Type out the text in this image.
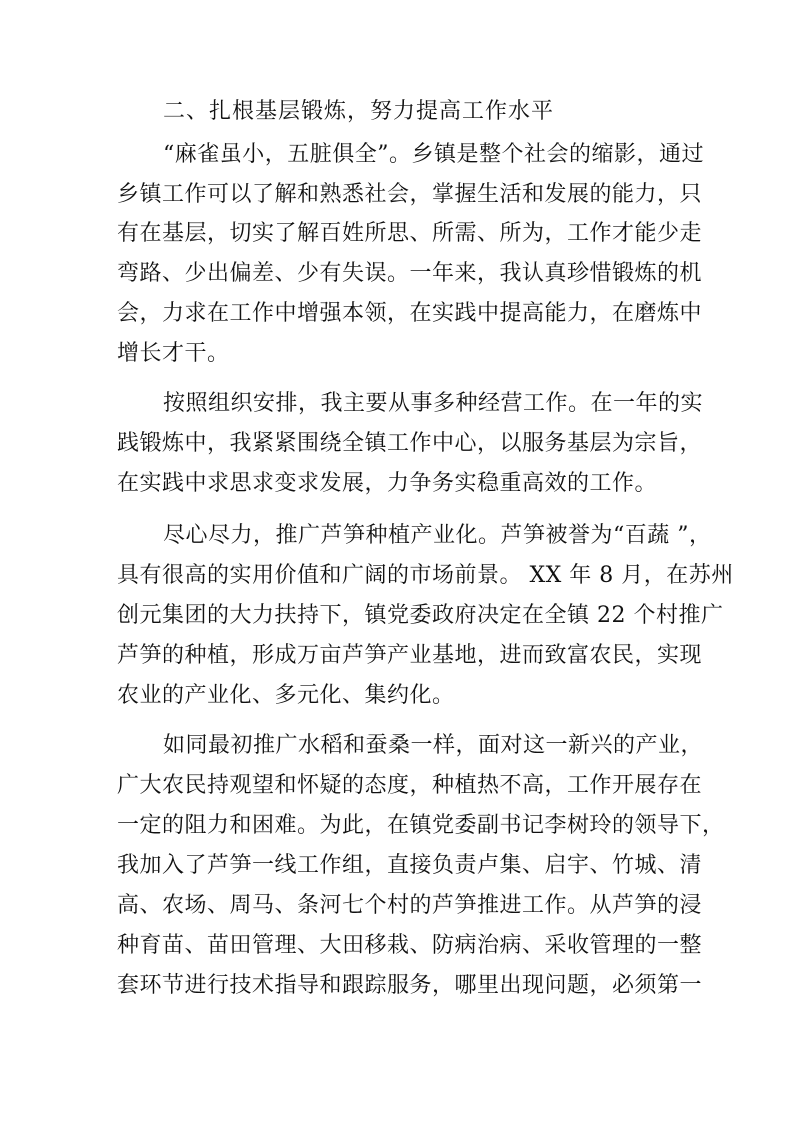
二、扎根基层锻炼，努力提高工作水平
“麻雀虽小，五脏俱全”。乡镇是整个社会的缩影，通过
乡镇工作可以了解和熟悉社会，掌握生活和发展的能力，只
有在基层，切实了解百姓所思、所需、所为，工作才能少走
弯路、少出偏差、少有失误。一年来，我认真珍惜锻炼的机
会，力求在工作中增强本领，在实践中提高能力，在磨炼中
增长才干。
按照组织安排，我主要从事多种经营工作。在一年的实
践锻炼中，我紧紧围绕全镇工作中心，以服务基层为宗旨，
在实践中求思求变求发展，力争务实稳重高效的工作。
尽心尽力，推广芦笋种植产业化。芦笋被誉为“百蔬 ”，
具有很高的实用价值和广阔的市场前景。 XX 年 8 月，在苏州
创元集团的大力扶持下，镇党委政府决定在全镇 22 个村推广
芦笋的种植，形成万亩芦笋产业基地，进而致富农民，实现
农业的产业化、多元化、集约化。
如同最初推广水稻和蚕桑一样，面对这一新兴的产业，
广大农民持观望和怀疑的态度，种植热不高，工作开展存在
一定的阻力和困难。为此，在镇党委副书记李树玲的领导下，
我加入了芦笋一线工作组，直接负责卢集、启宇、竹城、清
高、农场、周马、条河七个村的芦笋推进工作。从芦笋的浸
种育苗、苗田管理、大田移栽、防病治病、采收管理的一整
套环节进行技术指导和跟踪服务，哪里出现问题，必须第一
